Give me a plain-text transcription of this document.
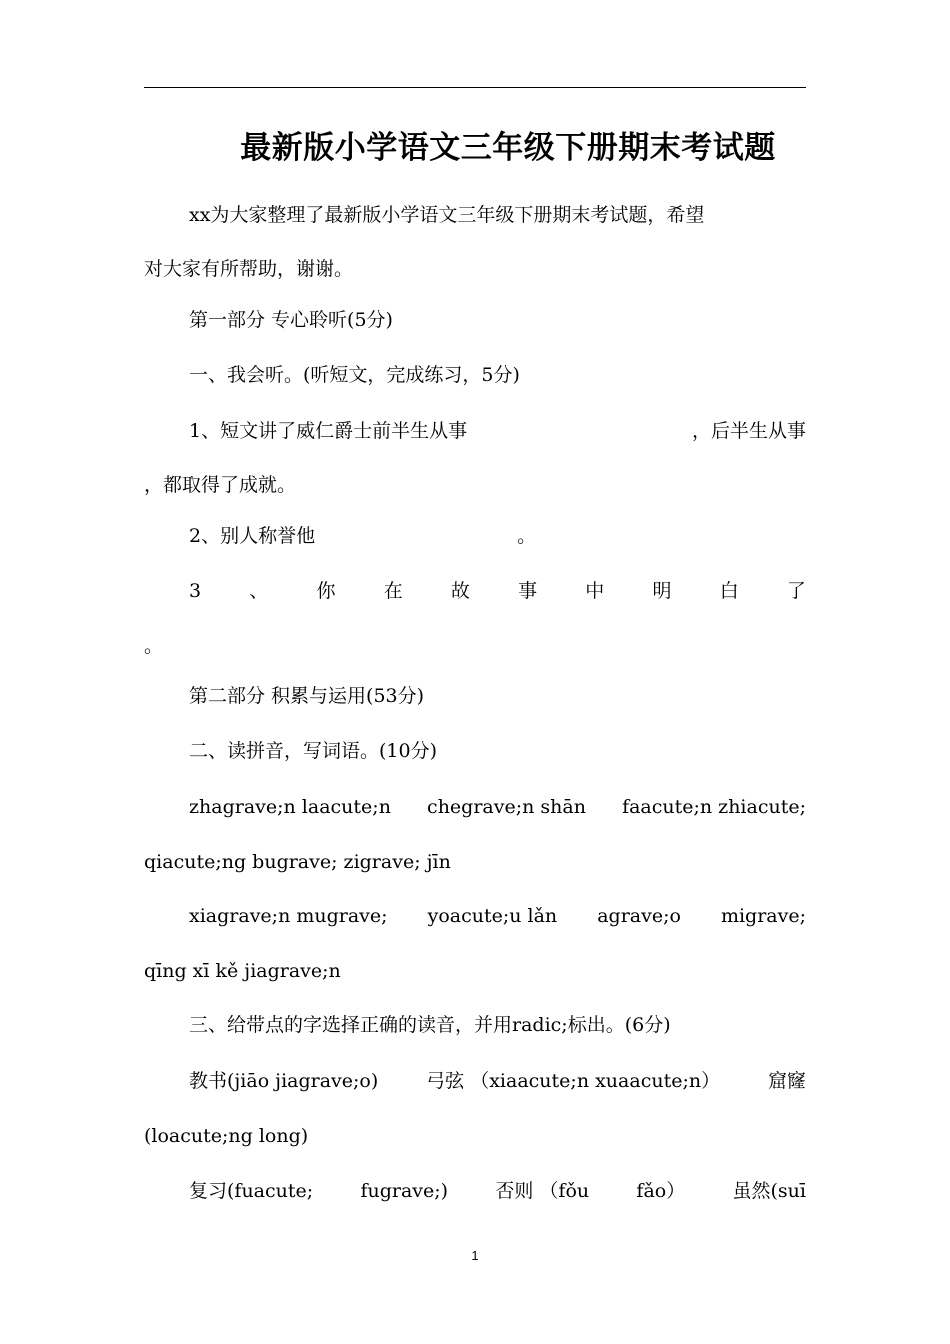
最新版小学语文三年级下册期末考试题
xx为大家整理了最新版小学语文三年级下册期末考试题，希望
对大家有所帮助，谢谢。
第一部分 专心聆听(5分)
一、我会听。(听短文，完成练习，5分)
1、短文讲了威仁爵士前半生从事	，后半生从事
，都取得了成就。
2、别人称誉他	。
3	、	你	在	故	事	中	明	白	了
。
第二部分 积累与运用(53分)
二、读拼音，写词语。(10分)
zhagrave;n laacute;n chegrave;n shān faacute;n zhiacute;
qiacute;ng bugrave; zigrave; jīn
xiagrave;n mugrave; yoacute;u lǎn agrave;o migrave;
qīng xī kě jiagrave;n
三、给带点的字选择正确的读音，并用radic;标出。(6分)
教书(jiāo jiagrave;o)	弓弦 （xiaacute;n xuaacute;n）	窟窿
(loacute;ng long)
复习(fuacute; fugrave;) 否则 （fǒu fǎo） 虽然(suī
1
